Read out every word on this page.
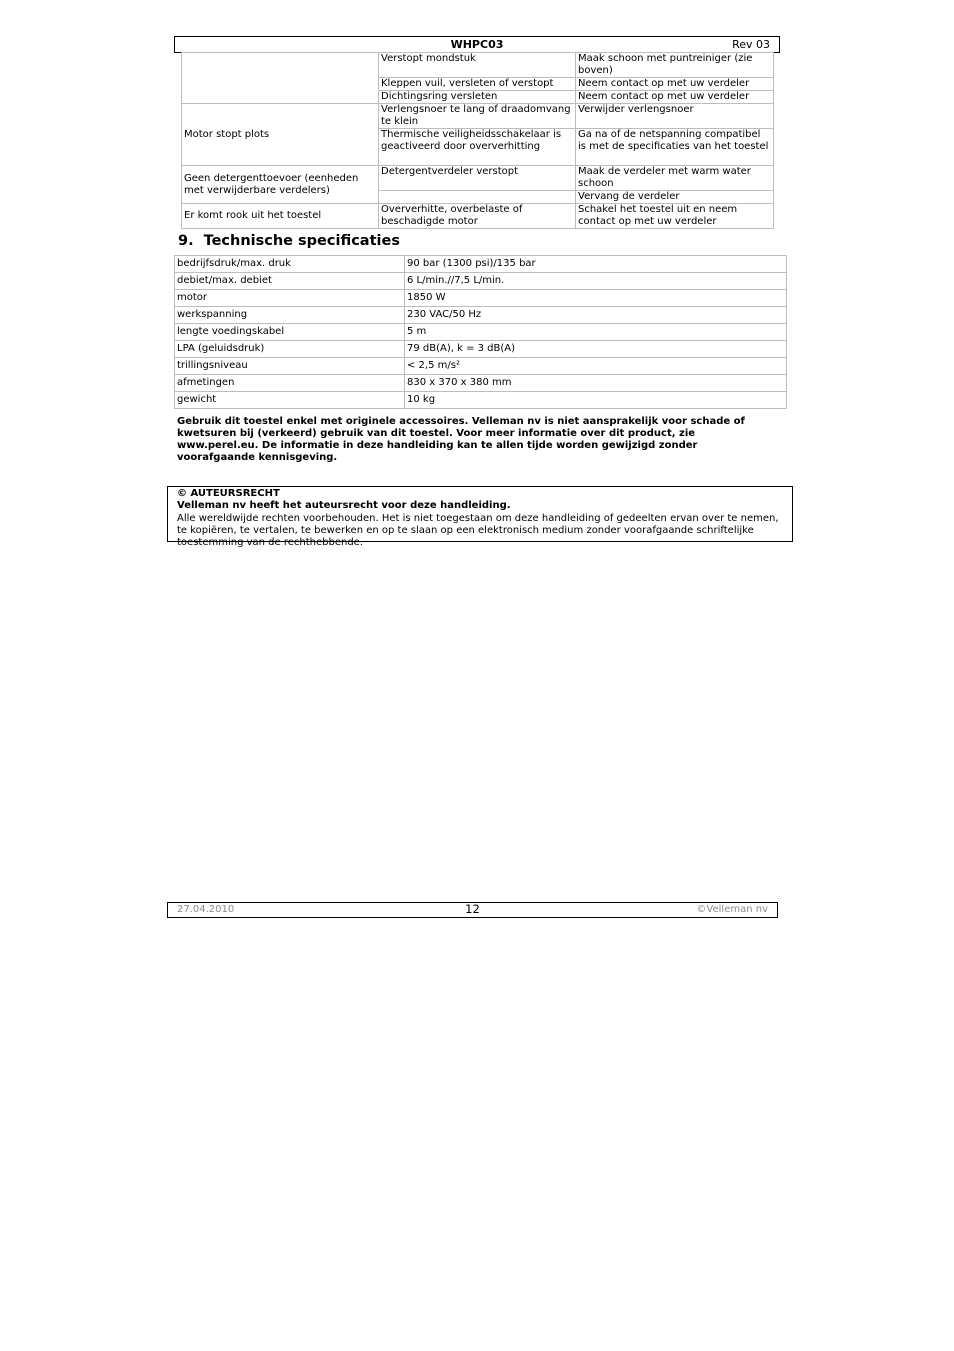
WHPC03	Rev 03
	Verstopt mondstuk	Maak schoon met puntreiniger (zie boven)
	Kleppen vuil, versleten of verstopt	Neem contact op met uw verdeler
	Dichtingsring versleten	Neem contact op met uw verdeler
Motor stopt plots	Verlengsnoer te lang of draadomvang te klein	Verwijder verlengsnoer
	Thermische veiligheidsschakelaar is geactiveerd door oververhitting	Ga na of de netspanning compatibel is met de specificaties van het toestel
Geen detergenttoevoer (eenheden met verwijderbare verdelers)	Detergentverdeler verstopt	Maak de verdeler met warm water schoon
		Vervang de verdeler
Er komt rook uit het toestel	Oververhitte, overbelaste of beschadigde motor	Schakel het toestel uit en neem contact op met uw verdeler
9. Technische specificaties
bedrijfsdruk/max. druk	90 bar (1300 psi)/135 bar
debiet/max. debiet	6 L/min.//7,5 L/min.
motor	1850 W
werkspanning	230 VAC/50 Hz
lengte voedingskabel	5 m
LPA (geluidsdruk)	79 dB(A), k = 3 dB(A)
trillingsniveau	< 2,5 m/s²
afmetingen	830 x 370 x 380 mm
gewicht	10 kg

Gebruik dit toestel enkel met originele accessoires. Velleman nv is niet aansprakelijk voor schade of kwetsuren bij (verkeerd) gebruik van dit toestel. Voor meer informatie over dit product, zie www.perel.eu. De informatie in deze handleiding kan te allen tijde worden gewijzigd zonder voorafgaande kennisgeving.

© AUTEURSRECHT
Velleman nv heeft het auteursrecht voor deze handleiding.
Alle wereldwijde rechten voorbehouden. Het is niet toegestaan om deze handleiding of gedeelten ervan over te nemen, te kopiëren, te vertalen, te bewerken en op te slaan op een elektronisch medium zonder voorafgaande schriftelijke toestemming van de rechthebbende.
27.04.2010	12	©Velleman nv
